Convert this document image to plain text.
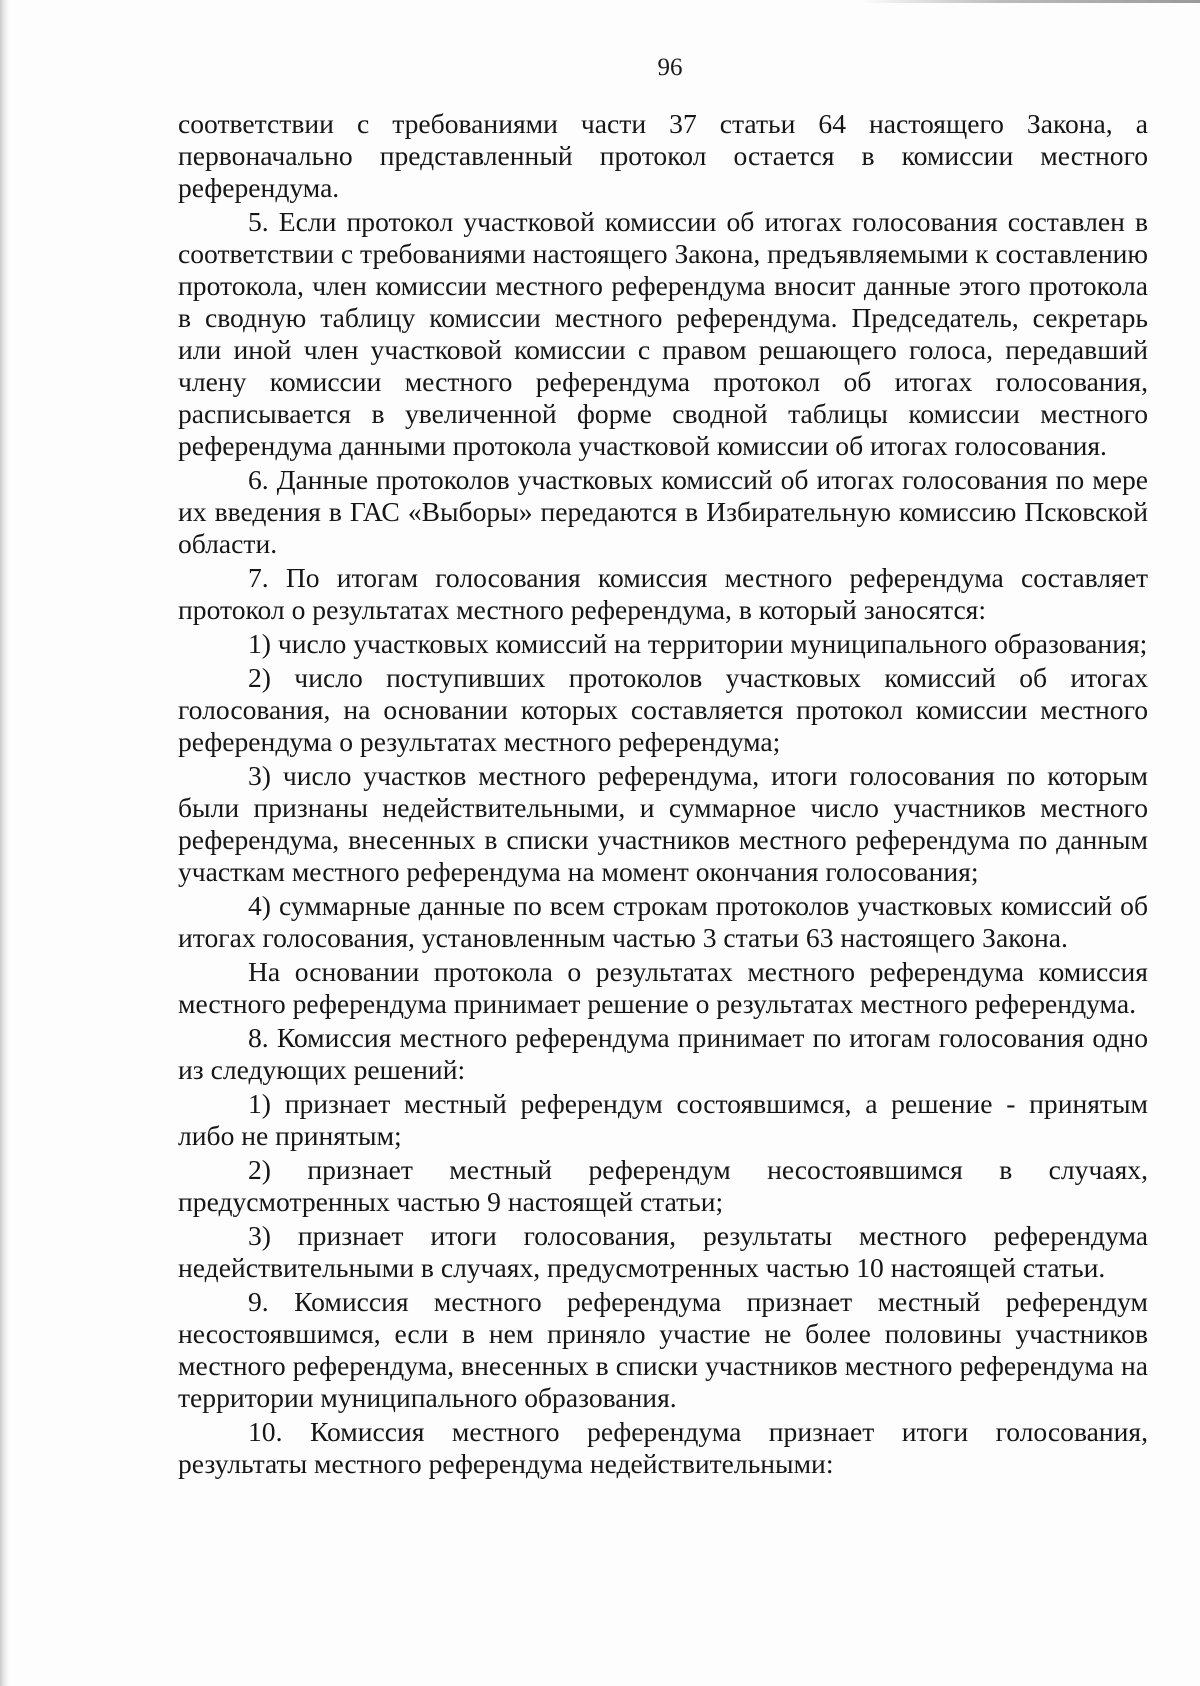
96

соответствии с требованиями части 37 статьи 64 настоящего Закона, а первоначально представленный протокол остается в комиссии местного референдума.

5. Если протокол участковой комиссии об итогах голосования составлен в соответствии с требованиями настоящего Закона, предъявляемыми к составлению протокола, член комиссии местного референдума вносит данные этого протокола в сводную таблицу комиссии местного референдума. Председатель, секретарь или иной член участковой комиссии с правом решающего голоса, передавший члену комиссии местного референдума протокол об итогах голосования, расписывается в увеличенной форме сводной таблицы комиссии местного референдума данными протокола участковой комиссии об итогах голосования.

6. Данные протоколов участковых комиссий об итогах голосования по мере их введения в ГАС «Выборы» передаются в Избирательную комиссию Псковской области.

7. По итогам голосования комиссия местного референдума составляет протокол о результатах местного референдума, в который заносятся:

1) число участковых комиссий на территории муниципального образования;

2) число поступивших протоколов участковых комиссий об итогах голосования, на основании которых составляется протокол комиссии местного референдума о результатах местного референдума;

3) число участков местного референдума, итоги голосования по которым были признаны недействительными, и суммарное число участников местного референдума, внесенных в списки участников местного референдума по данным участкам местного референдума на момент окончания голосования;

4) суммарные данные по всем строкам протоколов участковых комиссий об итогах голосования, установленным частью 3 статьи 63 настоящего Закона.

На основании протокола о результатах местного референдума комиссия местного референдума принимает решение о результатах местного референдума.

8. Комиссия местного референдума принимает по итогам голосования одно из следующих решений:

1) признает местный референдум состоявшимся, а решение - принятым либо не принятым;

2) признает местный референдум несостоявшимся в случаях, предусмотренных частью 9 настоящей статьи;

3) признает итоги голосования, результаты местного референдума недействительными в случаях, предусмотренных частью 10 настоящей статьи.

9. Комиссия местного референдума признает местный референдум несостоявшимся, если в нем приняло участие не более половины участников местного референдума, внесенных в списки участников местного референдума на территории муниципального образования.

10. Комиссия местного референдума признает итоги голосования, результаты местного референдума недействительными:
